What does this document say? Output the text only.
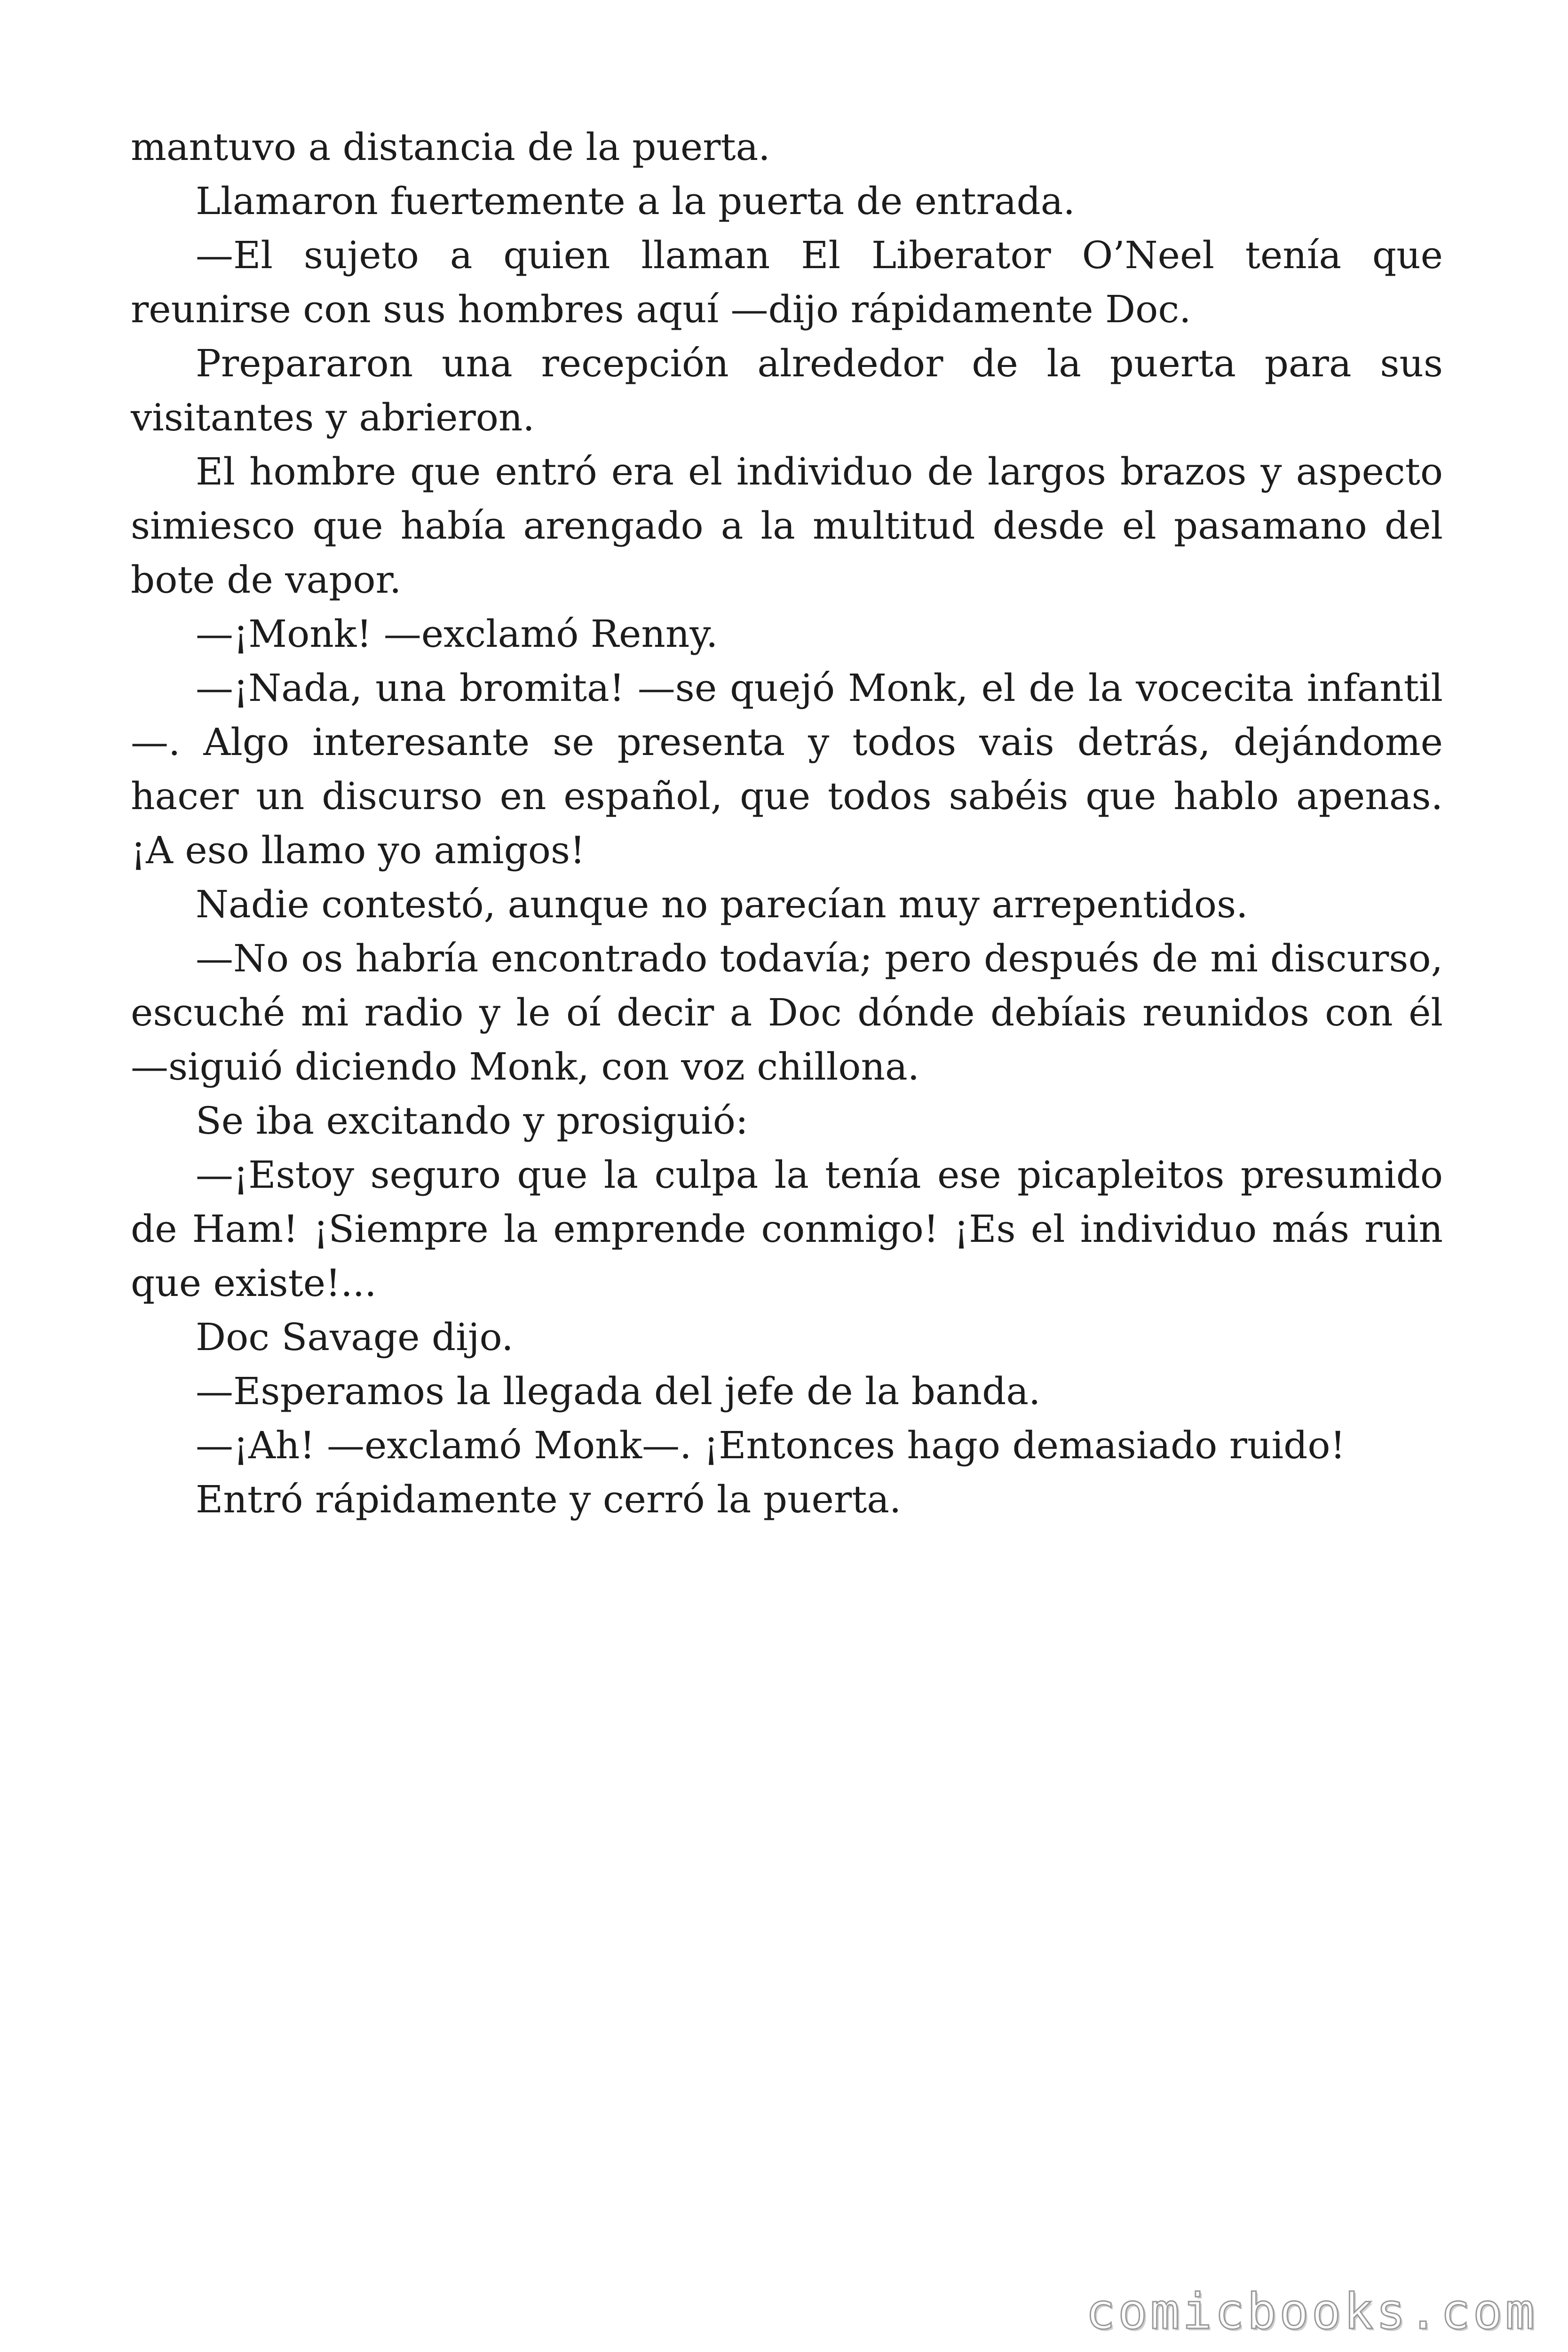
mantuvo a distancia de la puerta.

Llamaron fuertemente a la puerta de entrada.

—El sujeto a quien llaman El Liberator O’Neel tenía que reunirse con sus hombres aquí —dijo rápidamente Doc.

Prepararon una recepción alrededor de la puerta para sus visitantes y abrieron.

El hombre que entró era el individuo de largos brazos y aspecto simiesco que había arengado a la multitud desde el pasamano del bote de vapor.

—¡Monk! —exclamó Renny.

—¡Nada, una bromita! —se quejó Monk, el de la vocecita infantil—. Algo interesante se presenta y todos vais detrás, dejándome hacer un discurso en español, que todos sabéis que hablo apenas. ¡A eso llamo yo amigos!

Nadie contestó, aunque no parecían muy arrepentidos.

—No os habría encontrado todavía; pero después de mi discurso, escuché mi radio y le oí decir a Doc dónde debíais reunidos con él —siguió diciendo Monk, con voz chillona.

Se iba excitando y prosiguió:

—¡Estoy seguro que la culpa la tenía ese picapleitos presumido de Ham! ¡Siempre la emprende conmigo! ¡Es el individuo más ruin que existe!...

Doc Savage dijo.

—Esperamos la llegada del jefe de la banda.

—¡Ah! —exclamó Monk—. ¡Entonces hago demasiado ruido!

Entró rápidamente y cerró la puerta.

comicbooks.com
